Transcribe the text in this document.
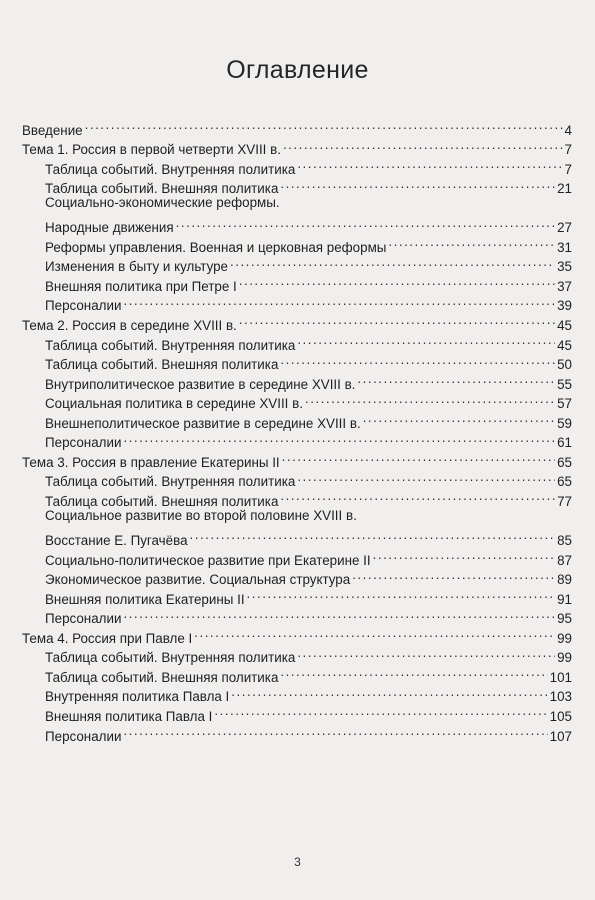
Оглавление
Введение .....	4
Тема 1. Россия в первой четверти XVIII в. .....	7
Таблица событий. Внутренняя политика .....	7
Таблица событий. Внешняя политика .....	21
Социально-экономические реформы.
Народные движения .....	27
Реформы управления. Военная и церковная реформы .....	31
Изменения в быту и культуре .....	35
Внешняя политика при Петре I .....	37
Персоналии .....	39
Тема 2. Россия в середине XVIII в. .....	45
Таблица событий. Внутренняя политика .....	45
Таблица событий. Внешняя политика .....	50
Внутриполитическое развитие в середине XVIII в. .....	55
Социальная политика в середине XVIII в. .....	57
Внешнеполитическое развитие в середине XVIII в. .....	59
Персоналии .....	61
Тема 3. Россия в правление Екатерины II .....	65
Таблица событий. Внутренняя политика .....	65
Таблица событий. Внешняя политика .....	77
Социальное развитие во второй половине XVIII в.
Восстание Е. Пугачёва .....	85
Социально-политическое развитие при Екатерине II .....	87
Экономическое развитие. Социальная структура .....	89
Внешняя политика Екатерины II .....	91
Персоналии .....	95
Тема 4. Россия при Павле I .....	99
Таблица событий. Внутренняя политика .....	99
Таблица событий. Внешняя политика .....	101
Внутренняя политика Павла I .....	103
Внешняя политика Павла I .....	105
Персоналии .....	107
3
